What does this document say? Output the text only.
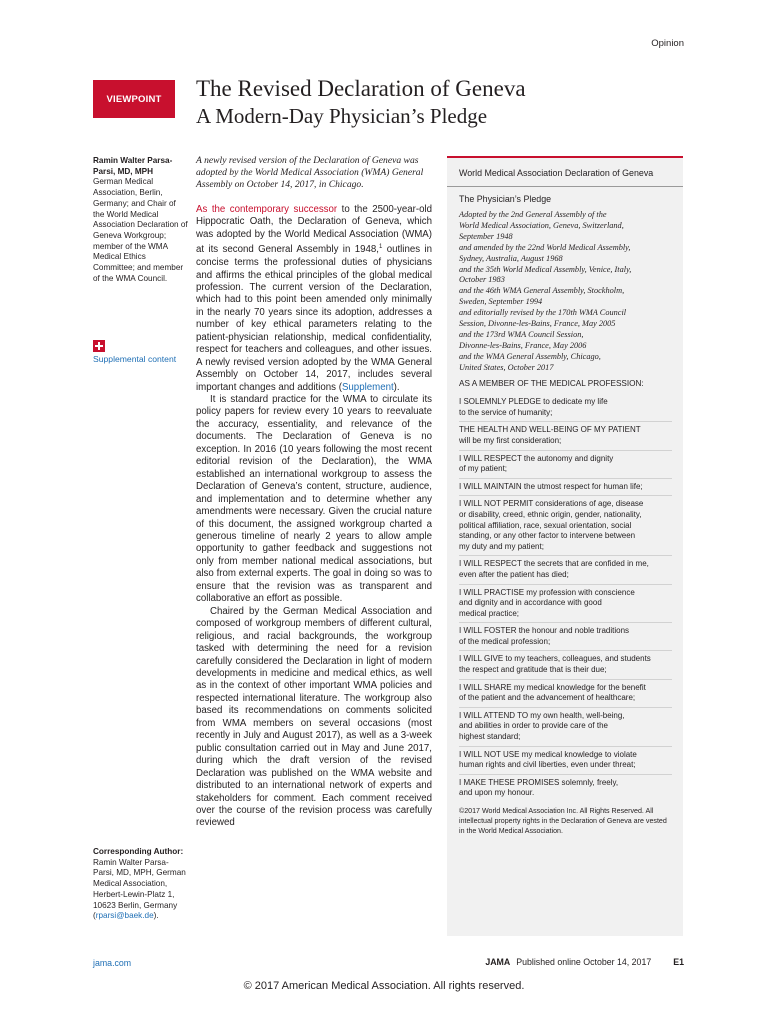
Opinion
VIEWPOINT	The Revised Declaration of Geneva
A Modern-Day Physician’s Pledge
Ramin Walter Parsa-Parsi, MD, MPH
German Medical Association, Berlin, Germany; and Chair of the World Medical Association Declaration of Geneva Workgroup; member of the WMA Medical Ethics Committee; and member of the WMA Council.
Supplemental content
Corresponding Author: Ramin Walter Parsa-Parsi, MD, MPH, German Medical Association, Herbert-Lewin-Platz 1, 10623 Berlin, Germany (rparsi@baek.de).
A newly revised version of the Declaration of Geneva was adopted by the World Medical Association (WMA) General Assembly on October 14, 2017, in Chicago.

As the contemporary successor to the 2500-year-old Hippocratic Oath, the Declaration of Geneva, which was adopted by the World Medical Association (WMA) at its second General Assembly in 1948,$^1$ outlines in concise terms the professional duties of physicians and affirms the ethical principles of the global medical profession. The current version of the Declaration, which had to this point been amended only minimally in the nearly 70 years since its adoption, addresses a number of key ethical parameters relating to the patient-physician relationship, medical confidentiality, respect for teachers and colleagues, and other issues. A newly revised version adopted by the WMA General Assembly on October 14, 2017, includes several important changes and additions (Supplement).

It is standard practice for the WMA to circulate its policy papers for review every 10 years to reevaluate the accuracy, essentiality, and relevance of the documents. The Declaration of Geneva is no exception. In 2016 (10 years following the most recent editorial revision of the Declaration), the WMA established an international workgroup to assess the Declaration of Geneva’s content, structure, audience, and implementation and to determine whether any amendments were necessary. Given the crucial nature of this document, the assigned workgroup charted a generous timeline of nearly 2 years to allow ample opportunity to gather feedback and suggestions not only from member national medical associations, but also from external experts. The goal in doing so was to ensure that the revision was as transparent and collaborative an effort as possible.

Chaired by the German Medical Association and composed of workgroup members of different cultural, religious, and racial backgrounds, the workgroup tasked with determining the need for a revision carefully considered the Declaration in light of modern developments in medicine and medical ethics, as well as in the context of other important WMA policies and respected international literature. The workgroup also based its recommendations on comments solicited from WMA members on several occasions (most recently in July and August 2017), as well as a 3-week public consultation carried out in May and June 2017, during which the draft version of the revised Declaration was published on the WMA website and distributed to an international network of experts and stakeholders for comment. Each comment received over the course of the revision process was carefully reviewed

World Medical Association Declaration of Geneva
The Physician’s Pledge
Adopted by the 2nd General Assembly of the
World Medical Association, Geneva, Switzerland,
September 1948
and amended by the 22nd World Medical Assembly,
Sydney, Australia, August 1968
and the 35th World Medical Assembly, Venice, Italy,
October 1983
and the 46th WMA General Assembly, Stockholm,
Sweden, September 1994
and editorially revised by the 170th WMA Council
Session, Divonne-les-Bains, France, May 2005
and the 173rd WMA Council Session,
Divonne-les-Bains, France, May 2006
and the WMA General Assembly, Chicago,
United States, October 2017
AS A MEMBER OF THE MEDICAL PROFESSION:
I SOLEMNLY PLEDGE to dedicate my life
to the service of humanity;
THE HEALTH AND WELL-BEING OF MY PATIENT
will be my first consideration;
I WILL RESPECT the autonomy and dignity
of my patient;
I WILL MAINTAIN the utmost respect for human life;
I WILL NOT PERMIT considerations of age, disease
or disability, creed, ethnic origin, gender, nationality,
political affiliation, race, sexual orientation, social
standing, or any other factor to intervene between
my duty and my patient;
I WILL RESPECT the secrets that are confided in me,
even after the patient has died;
I WILL PRACTISE my profession with conscience
and dignity and in accordance with good
medical practice;
I WILL FOSTER the honour and noble traditions
of the medical profession;
I WILL GIVE to my teachers, colleagues, and students
the respect and gratitude that is their due;
I WILL SHARE my medical knowledge for the benefit
of the patient and the advancement of healthcare;
I WILL ATTEND TO my own health, well-being,
and abilities in order to provide care of the
highest standard;
I WILL NOT USE my medical knowledge to violate
human rights and civil liberties, even under threat;
I MAKE THESE PROMISES solemnly, freely,
and upon my honour.
©2017 World Medical Association Inc. All Rights Reserved. All intellectual property rights in the Declaration of Geneva are vested in the World Medical Association.
jama.com	JAMA Published online October 14, 2017	E1
© 2017 American Medical Association. All rights reserved.
